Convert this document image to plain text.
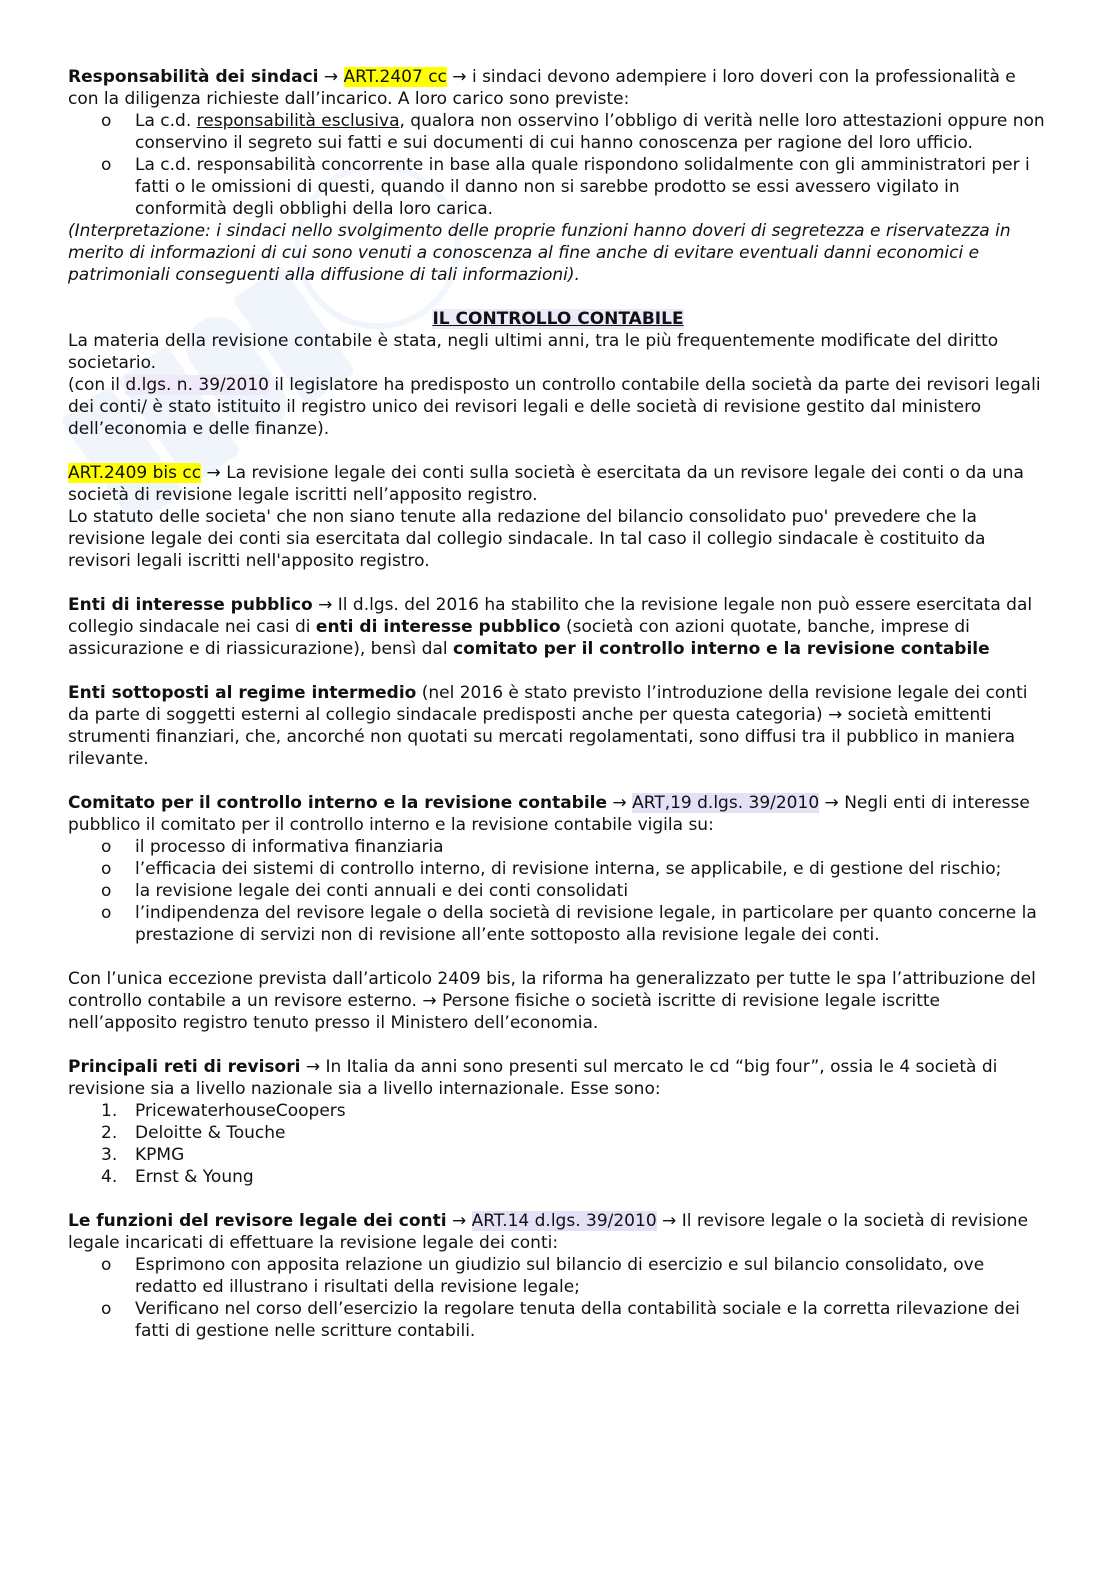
Responsabilità dei sindaci → ART.2407 cc → i sindaci devono adempiere i loro doveri con la professionalità e con la diligenza richieste dall’incarico. A loro carico sono previste:

o La c.d. responsabilità esclusiva, qualora non osservino l’obbligo di verità nelle loro attestazioni oppure non conservino il segreto sui fatti e sui documenti di cui hanno conoscenza per ragione del loro ufficio.
o La c.d. responsabilità concorrente in base alla quale rispondono solidalmente con gli amministratori per i fatti o le omissioni di questi, quando il danno non si sarebbe prodotto se essi avessero vigilato in conformità degli obblighi della loro carica.

(Interpretazione: i sindaci nello svolgimento delle proprie funzioni hanno doveri di segretezza e riservatezza in merito di informazioni di cui sono venuti a conoscenza al fine anche di evitare eventuali danni economici e patrimoniali conseguenti alla diffusione di tali informazioni).

IL CONTROLLO CONTABILE

La materia della revisione contabile è stata, negli ultimi anni, tra le più frequentemente modificate del diritto societario.

(con il d.lgs. n. 39/2010 il legislatore ha predisposto un controllo contabile della società da parte dei revisori legali dei conti/ è stato istituito il registro unico dei revisori legali e delle società di revisione gestito dal ministero dell’economia e delle finanze).

ART.2409 bis cc → La revisione legale dei conti sulla società è esercitata da un revisore legale dei conti o da una società di revisione legale iscritti nell’apposito registro.

Lo statuto delle societa' che non siano tenute alla redazione del bilancio consolidato puo' prevedere che la revisione legale dei conti sia esercitata dal collegio sindacale. In tal caso il collegio sindacale è costituito da revisori legali iscritti nell'apposito registro.

Enti di interesse pubblico → Il d.lgs. del 2016 ha stabilito che la revisione legale non può essere esercitata dal collegio sindacale nei casi di enti di interesse pubblico (società con azioni quotate, banche, imprese di assicurazione e di riassicurazione), bensì dal comitato per il controllo interno e la revisione contabile

Enti sottoposti al regime intermedio (nel 2016 è stato previsto l’introduzione della revisione legale dei conti da parte di soggetti esterni al collegio sindacale predisposti anche per questa categoria) → società emittenti strumenti finanziari, che, ancorché non quotati su mercati regolamentati, sono diffusi tra il pubblico in maniera rilevante.

Comitato per il controllo interno e la revisione contabile → ART,19 d.lgs. 39/2010 → Negli enti di interesse pubblico il comitato per il controllo interno e la revisione contabile vigila su:

o il processo di informativa finanziaria
o l’efficacia dei sistemi di controllo interno, di revisione interna, se applicabile, e di gestione del rischio;
o la revisione legale dei conti annuali e dei conti consolidati
o l’indipendenza del revisore legale o della società di revisione legale, in particolare per quanto concerne la prestazione di servizi non di revisione all’ente sottoposto alla revisione legale dei conti.

Con l’unica eccezione prevista dall’articolo 2409 bis, la riforma ha generalizzato per tutte le spa l’attribuzione del controllo contabile a un revisore esterno. → Persone fisiche o società iscritte di revisione legale iscritte nell’apposito registro tenuto presso il Ministero dell’economia.

Principali reti di revisori → In Italia da anni sono presenti sul mercato le cd “big four”, ossia le 4 società di revisione sia a livello nazionale sia a livello internazionale. Esse sono:

1. PricewaterhouseCoopers
2. Deloitte & Touche
3. KPMG
4. Ernst & Young

Le funzioni del revisore legale dei conti → ART.14 d.lgs. 39/2010 → Il revisore legale o la società di revisione legale incaricati di effettuare la revisione legale dei conti:

o Esprimono con apposita relazione un giudizio sul bilancio di esercizio e sul bilancio consolidato, ove redatto ed illustrano i risultati della revisione legale;
o Verificano nel corso dell’esercizio la regolare tenuta della contabilità sociale e la corretta rilevazione dei fatti di gestione nelle scritture contabili.
